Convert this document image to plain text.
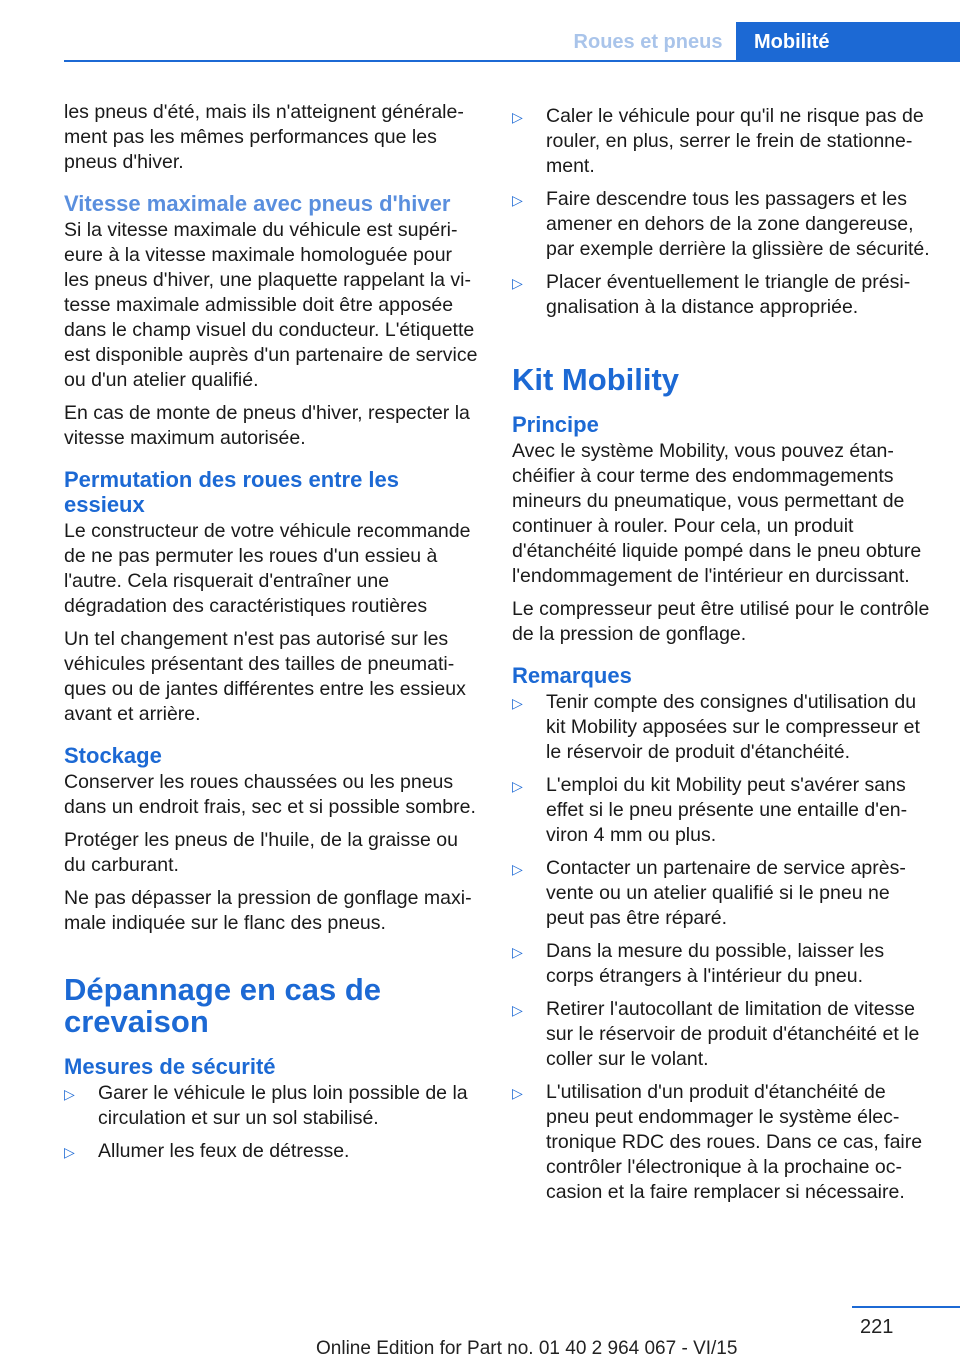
Roues et pneus	Mobilité

les pneus d'été, mais ils n'atteignent généralement pas les mêmes performances que les pneus d'hiver.

Vitesse maximale avec pneus d'hiver

Si la vitesse maximale du véhicule est supérieure à la vitesse maximale homologuée pour les pneus d'hiver, une plaquette rappelant la vitesse maximale admissible doit être apposée dans le champ visuel du conducteur. L'étiquette est disponible auprès d'un partenaire de service ou d'un atelier qualifié.

En cas de monte de pneus d'hiver, respecter la vitesse maximum autorisée.

Permutation des roues entre les essieux

Le constructeur de votre véhicule recommande de ne pas permuter les roues d'un essieu à l'autre. Cela risquerait d'entraîner une dégradation des caractéristiques routières

Un tel changement n'est pas autorisé sur les véhicules présentant des tailles de pneumatiques ou de jantes différentes entre les essieux avant et arrière.

Stockage

Conserver les roues chaussées ou les pneus dans un endroit frais, sec et si possible sombre.

Protéger les pneus de l'huile, de la graisse ou du carburant.

Ne pas dépasser la pression de gonflage maximale indiquée sur le flanc des pneus.

Dépannage en cas de crevaison
Mesures de sécurité
▷ Garer le véhicule le plus loin possible de la circulation et sur un sol stabilisé.
▷ Allumer les feux de détresse.
▷ Caler le véhicule pour qu'il ne risque pas de rouler, en plus, serrer le frein de stationnement.
▷ Faire descendre tous les passagers et les amener en dehors de la zone dangereuse, par exemple derrière la glissière de sécurité.
▷ Placer éventuellement le triangle de présignalisation à la distance appropriée.
Kit Mobility
Principe

Avec le système Mobility, vous pouvez étanchéifier à cour terme des endommagements mineurs du pneumatique, vous permettant de continuer à rouler. Pour cela, un produit d'étanchéité liquide pompé dans le pneu obture l'endommagement de l'intérieur en durcissant.

Le compresseur peut être utilisé pour le contrôle de la pression de gonflage.

Remarques
▷ Tenir compte des consignes d'utilisation du kit Mobility apposées sur le compresseur et le réservoir de produit d'étanchéité.
▷ L'emploi du kit Mobility peut s'avérer sans effet si le pneu présente une entaille d'environ 4 mm ou plus.
▷ Contacter un partenaire de service aprèsvente ou un atelier qualifié si le pneu ne peut pas être réparé.
▷ Dans la mesure du possible, laisser les corps étrangers à l'intérieur du pneu.
▷ Retirer l'autocollant de limitation de vitesse sur le réservoir de produit d'étanchéité et le coller sur le volant.
▷ L'utilisation d'un produit d'étanchéité de pneu peut endommager le système électronique RDC des roues. Dans ce cas, faire contrôler l'électronique à la prochaine occasion et la faire remplacer si nécessaire.
221
Online Edition for Part no. 01 40 2 964 067 - VI/15
